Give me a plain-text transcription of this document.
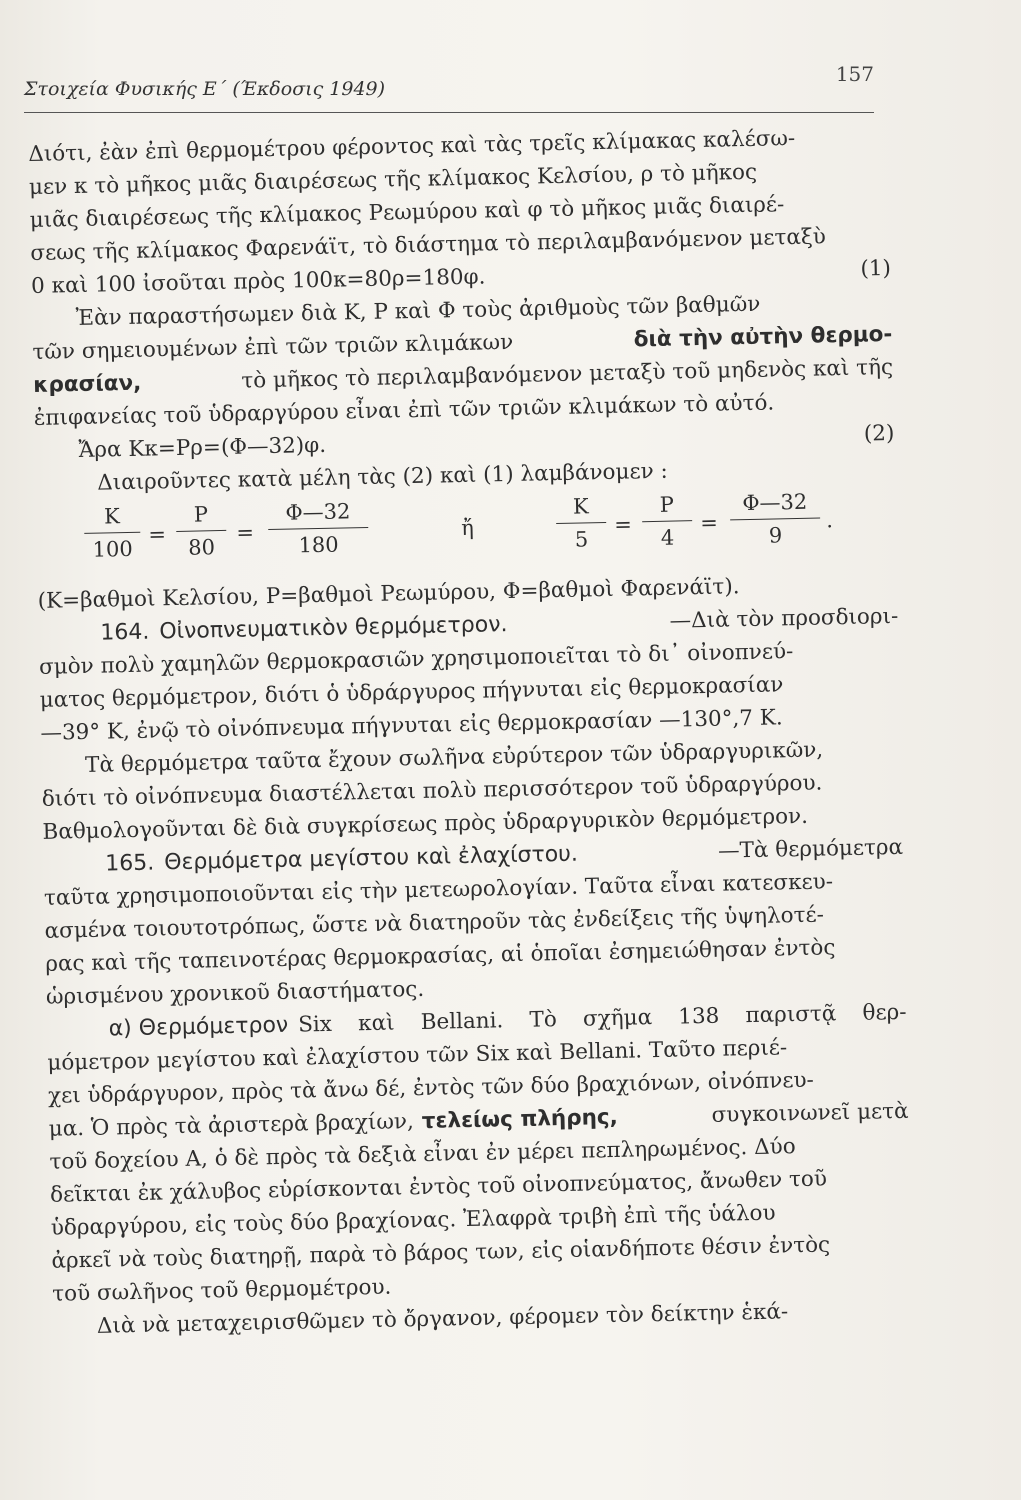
Στοιχεία Φυσικής Ε΄ (Έκδοσις 1949)
157
Διότι, ἐὰν ἐπὶ θερμομέτρου φέροντος καὶ τὰς τρεῖς κλίμακας καλέσω-
μεν κ τὸ μῆκος μιᾶς διαιρέσεως τῆς κλίμακος Κελσίου, ρ τὸ μῆκος
μιᾶς διαιρέσεως τῆς κλίμακος Ρεωμύρου καὶ φ τὸ μῆκος μιᾶς διαιρέ-
σεως τῆς κλίμακος Φαρενάϊτ, τὸ διάστημα τὸ περιλαμβανόμενον μεταξὺ
0 καὶ 100 ἰσοῦται πρὸς 100κ=80ρ=180φ.	(1)
Ἐὰν παραστήσωμεν διὰ Κ, Ρ καὶ Φ τοὺς ἀριθμοὺς τῶν βαθμῶν
τῶν σημειουμένων ἐπὶ τῶν τριῶν κλιμάκων	διὰ τὴν αὐτὴν θερμο-
κρασίαν,	τὸ μῆκος τὸ περιλαμβανόμενον μεταξὺ τοῦ μηδενὸς καὶ τῆς
ἐπιφανείας τοῦ ὑδραργύρου εἶναι ἐπὶ τῶν τριῶν κλιμάκων τὸ αὐτό.
Ἄρα Κκ=Ρρ=(Φ—32)φ.	(2)
Διαιροῦντες κατὰ μέλη τὰς (2) καὶ (1) λαμβάνομεν :
Κ
100
=
Ρ
80
=
Φ—32
180
ἤ
Κ
5
=
Ρ
4
=
Φ—32
9
.
(Κ=βαθμοὶ Κελσίου, Ρ=βαθμοὶ Ρεωμύρου, Φ=βαθμοὶ Φαρενάϊτ).
164. Οἰνοπνευματικὸν θερμόμετρον.	—Διὰ τὸν προσδιορι-
σμὸν πολὺ χαμηλῶν θερμοκρασιῶν χρησιμοποιεῖται τὸ δι᾿ οἰνοπνεύ-
ματος θερμόμετρον, διότι ὁ ὑδράργυρος πήγνυται εἰς θερμοκρασίαν
—39° Κ, ἐνῷ τὸ οἰνόπνευμα πήγνυται εἰς θερμοκρασίαν —130°,7 Κ.
Τὰ θερμόμετρα ταῦτα ἔχουν σωλῆνα εὐρύτερον τῶν ὑδραργυρικῶν,
διότι τὸ οἰνόπνευμα διαστέλλεται πολὺ περισσότερον τοῦ ὑδραργύρου.
Βαθμολογοῦνται δὲ διὰ συγκρίσεως πρὸς ὑδραργυρικὸν θερμόμετρον.
165. Θερμόμετρα μεγίστου καὶ ἐλαχίστου.	—Τὰ θερμόμετρα
ταῦτα χρησιμοποιοῦνται εἰς τὴν μετεωρολογίαν. Ταῦτα εἶναι κατεσκευ-
ασμένα τοιουτοτρόπως, ὥστε νὰ διατηροῦν τὰς ἐνδείξεις τῆς ὑψηλοτέ-
ρας καὶ τῆς ταπεινοτέρας θερμοκρασίας, αἱ ὁποῖαι ἐσημειώθησαν ἐντὸς
ὡρισμένου χρονικοῦ διαστήματος.
α) Θερμόμετρον Six καὶ Bellani. Τὸ σχῆμα 138 παριστᾷ θερ-
μόμετρον μεγίστου καὶ ἐλαχίστου τῶν Six καὶ Bellani. Ταῦτο περιέ-
χει ὑδράργυρον, πρὸς τὰ ἄνω δέ, ἐντὸς τῶν δύο βραχιόνων, οἰνόπνευ-
μα. Ὁ πρὸς τὰ ἀριστερὰ βραχίων, τελείως πλήρης,	συγκοινωνεῖ μετὰ
τοῦ δοχείου Α, ὁ δὲ πρὸς τὰ δεξιὰ εἶναι ἐν μέρει πεπληρωμένος. Δύο
δεῖκται ἐκ χάλυβος εὑρίσκονται ἐντὸς τοῦ οἰνοπνεύματος, ἄνωθεν τοῦ
ὑδραργύρου, εἰς τοὺς δύο βραχίονας. Ἐλαφρὰ τριβὴ ἐπὶ τῆς ὑάλου
ἀρκεῖ νὰ τοὺς διατηρῇ, παρὰ τὸ βάρος των, εἰς οἱανδήποτε θέσιν ἐντὸς
τοῦ σωλῆνος τοῦ θερμομέτρου.
Διὰ νὰ μεταχειρισθῶμεν τὸ ὄργανον, φέρομεν τὸν δείκτην ἑκά-
